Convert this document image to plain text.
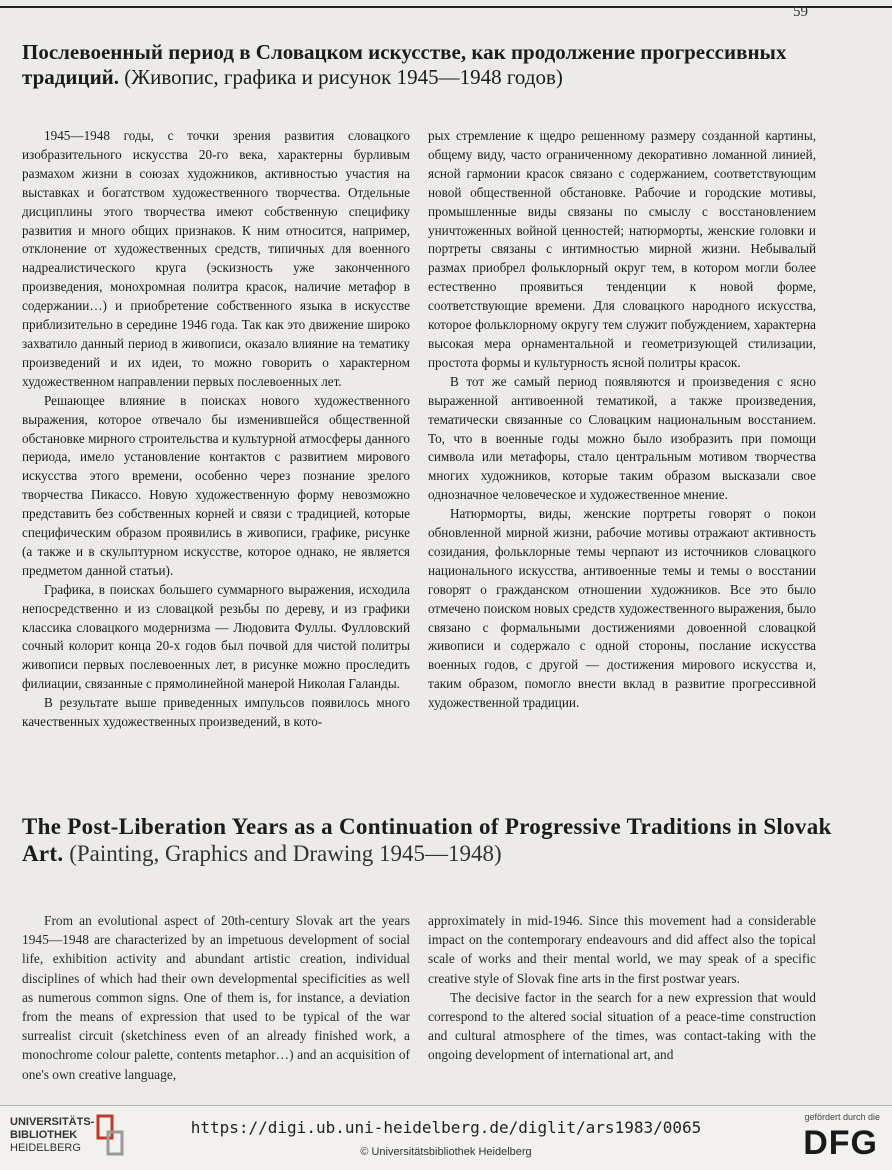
59
Послевоенный период в Словацком искусстве, как продолжение прогрессивных традиций. (Живопис, графика и рисунок 1945—1948 годов)

1945—1948 годы, с точки зрения развития словацкого изобразительного искусства 20-го века, характерны бурливым размахом жизни в союзах художников, активностью участия на выставках и богатством художественного творчества. Отдельные дисциплины этого творчества имеют собственную специфику развития и много общих признаков. К ним относится, например, отклонение от художественных средств, типичных для военного надреалистического круга (эскизность уже законченного произведения, монохромная политра красок, наличие метафор в содержании…) и приобретение собственного языка в искусстве приблизительно в середине 1946 года. Так как это движение широко захватило данный период в живописи, оказало влияние на тематику произведений и их идеи, то можно говорить о характерном художественном направлении первых послевоенных лет.

Решающее влияние в поисках нового художественного выражения, которое отвечало бы изменившейся общественной обстановке мирного строительства и культурной атмосферы данного периода, имело установление контактов с развитием мирового искусства этого времени, особенно через познание зрелого творчества Пикассо. Новую художественную форму невозможно представить без собственных корней и связи с традицией, которые специфическим образом проявились в живописи, графике, рисунке (а также и в скульптурном искусстве, которое однако, не является предметом данной статьи).

Графика, в поисках большего суммарного выражения, исходила непосредственно и из словацкой резьбы по дереву, и из графики классика словацкого модернизма — Людовита Фуллы. Фулловский сочный колорит конца 20-х годов был почвой для чистой политры живописи первых послевоенных лет, в рисунке можно проследить филиации, связанные с прямолинейной манерой Николая Галанды.

В результате выше приведенных импульсов появилось много качественных художественных произведений, в кото-

рых стремление к щедро решенному размеру созданной картины, общему виду, часто ограниченному декоративно ломанной линией, ясной гармонии красок связано с содержанием, соответствующим новой общественной обстановке. Рабочие и городские мотивы, промышленные виды связаны по смыслу с восстановлением уничтоженных войной ценностей; натюрморты, женские головки и портреты связаны с интимностью мирной жизни. Небывалый размах приобрел фольклорный округ тем, в котором могли более естественно проявиться тенденции к новой форме, соответствующие времени. Для словацкого народного искусства, которое фольклорному округу тем служит побуждением, характерна высокая мера орнаментальной и геометризующей стилизации, простота формы и культурность ясной политры красок.

В тот же самый период появляются и произведения с ясно выраженной антивоенной тематикой, а также произведения, тематически связанные со Словацким национальным восстанием. То, что в военные годы можно было изобразить при помощи символа или метафоры, стало центральным мотивом творчества многих художников, которые таким образом высказали свое однозначное человеческое и художественное мнение.

Натюрморты, виды, женские портреты говорят о покои обновленной мирной жизни, рабочие мотивы отражают активность созидания, фольклорные темы черпают из источников словацкого национального искусства, антивоенные темы и темы о восстании говорят о гражданском отношении художников. Все это было отмечено поиском новых средств художественного выражения, было связано с формальными достижениями довоенной словацкой живописи и содержало с одной стороны, послание искусства военных годов, с другой — достижения мирового искусства и, таким образом, помогло внести вклад в развитие прогрессивной художественной традиции.

The Post-Liberation Years as a Continuation of Progressive Traditions in Slovak Art. (Painting, Graphics and Drawing 1945—1948)

From an evolutional aspect of 20th-century Slovak art the years 1945—1948 are characterized by an impetuous development of social life, exhibition activity and abundant artistic creation, individual disciplines of which had their own developmental specificities as well as numerous common signs. One of them is, for instance, a deviation from the means of expression that used to be typical of the war surrealist circuit (sketchiness even of an already finished work, a monochrome colour palette, contents metaphor…) and an acquisition of one's own creative language,

approximately in mid-1946. Since this movement had a considerable impact on the contemporary endeavours and did affect also the topical scale of works and their mental world, we may speak of a specific creative style of Slovak fine arts in the first postwar years.

The decisive factor in the search for a new expression that would correspond to the altered social situation of a peace-time construction and cultural atmosphere of the times, was contact-taking with the ongoing development of international art, and

UNIVERSITÄTS-
BIBLIOTHEK
HEIDELBERG
https://digi.ub.uni-heidelberg.de/diglit/ars1983/0065
© Universitätsbibliothek Heidelberg
gefördert durch die
DFG
